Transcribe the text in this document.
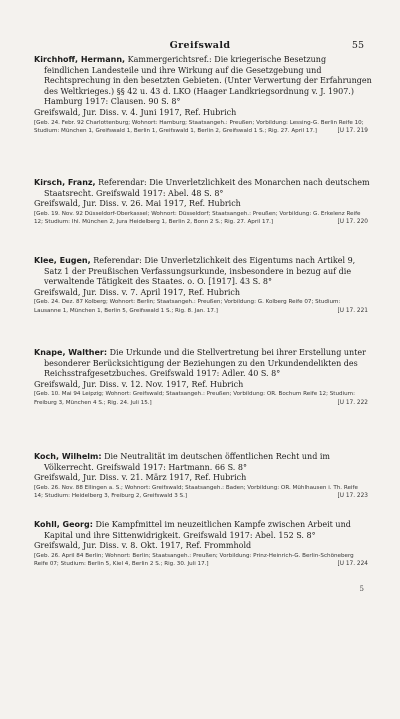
Greifswald	55

Kirchhoff, Hermann, Kammergerichtsref.: Die kriegerische Besetzung feindlichen Landesteile und ihre Wirkung auf die Gesetzgebung und Rechtsprechung in den besetzten Gebieten. (Unter Verwertung der Erfahrungen des Weltkrieges.) §§ 42 u. 43 d. LKO (Haager Landkriegsordnung v. J. 1907.) Hamburg 1917: Clausen. 90 S. 8°

Greifswald, Jur. Diss. v. 4. Juni 1917, Ref. Hubrich

[Geb. 24. Febr. 92 Charlottenburg; Wohnort: Hamburg; Staatsangeh.: Preußen; Vorbildung: Lessing-G. Berlin Reife 10; Studium: München 1, Greifswald 1, Berlin 1, Greifswald 1, Berlin 2, Greifswald 1 S.; Rig. 27. April 17.]	[U 17. 219

Kirsch, Franz, Referendar: Die Unverletzlichkeit des Monarchen nach deutschem Staatsrecht. Greifswald 1917: Abel. 48 S. 8°

Greifswald, Jur. Diss. v. 26. Mai 1917, Ref. Hubrich

[Geb. 19. Nov. 92 Düsseldorf-Oberkassel; Wohnort: Düsseldorf; Staatsangeh.: Preußen; Vorbildung: G. Erkelenz Reife 12; Studium: Ihl. München 2, Jura Heidelberg 1, Berlin 2, Bonn 2 S.; Rig. 27. April 17.]	[U 17. 220

Klee, Eugen, Referendar: Die Unverletzlichkeit des Eigentums nach Artikel 9, Satz 1 der Preußischen Verfassungsurkunde, insbesondere in bezug auf die verwaltende Tätigkeit des Staates. o. O. [1917]. 43 S. 8°

Greifswald, Jur. Diss. v. 7. April 1917, Ref. Hubrich

[Geb. 24. Dez. 87 Kolberg; Wohnort: Berlin; Staatsangeh.: Preußen; Vorbildung: G. Kolberg Reife 07; Studium: Lausanne 1, München 1, Berlin 5, Greifswald 1 S.; Rig. 8. Jan. 17.]	[U 17. 221

Knape, Walther: Die Urkunde und die Stellvertretung bei ihrer Erstellung unter besonderer Berücksichtigung der Beziehungen zu den Urkundendelikten des Reichsstrafgesetzbuches. Greifswald 1917: Adler. 40 S. 8°

Greifswald, Jur. Diss. v. 12. Nov. 1917, Ref. Hubrich

[Geb. 10. Mai 94 Leipzig; Wohnort: Greifswald; Staatsangeh.: Preußen; Vorbildung: OR. Bochum Reife 12; Studium: Freiburg 3, München 4 S.; Rig. 24. Juli 15.]	[U 17. 222

Koch, Wilhelm: Die Neutralität im deutschen öffentlichen Recht und im Völkerrecht. Greifswald 1917: Hartmann. 66 S. 8°

Greifswald, Jur. Diss. v. 21. März 1917, Ref. Hubrich

[Geb. 26. Nov. 88 Ellingen a. S.; Wohnort: Greifswald; Staatsangeh.: Baden; Vorbildung: OR. Mühlhausen i. Th. Reife 14; Studium: Heidelberg 3, Freiburg 2, Greifswald 3 S.]	[U 17. 223

Kohll, Georg: Die Kampfmittel im neuzeitlichen Kampfe zwischen Arbeit und Kapital und ihre Sittenwidrigkeit. Greifswald 1917: Abel. 152 S. 8°

Greifswald, Jur. Diss. v. 8. Okt. 1917, Ref. Frommhold

[Geb. 26. April 84 Berlin; Wohnort: Berlin; Staatsangeh.: Preußen; Vorbildung: Prinz-Heinrich-G. Berlin-Schöneberg Reife 07; Studium: Berlin 5, Kiel 4, Berlin 2 S.; Rig. 30. Juli 17.]	[U 17. 224

5
